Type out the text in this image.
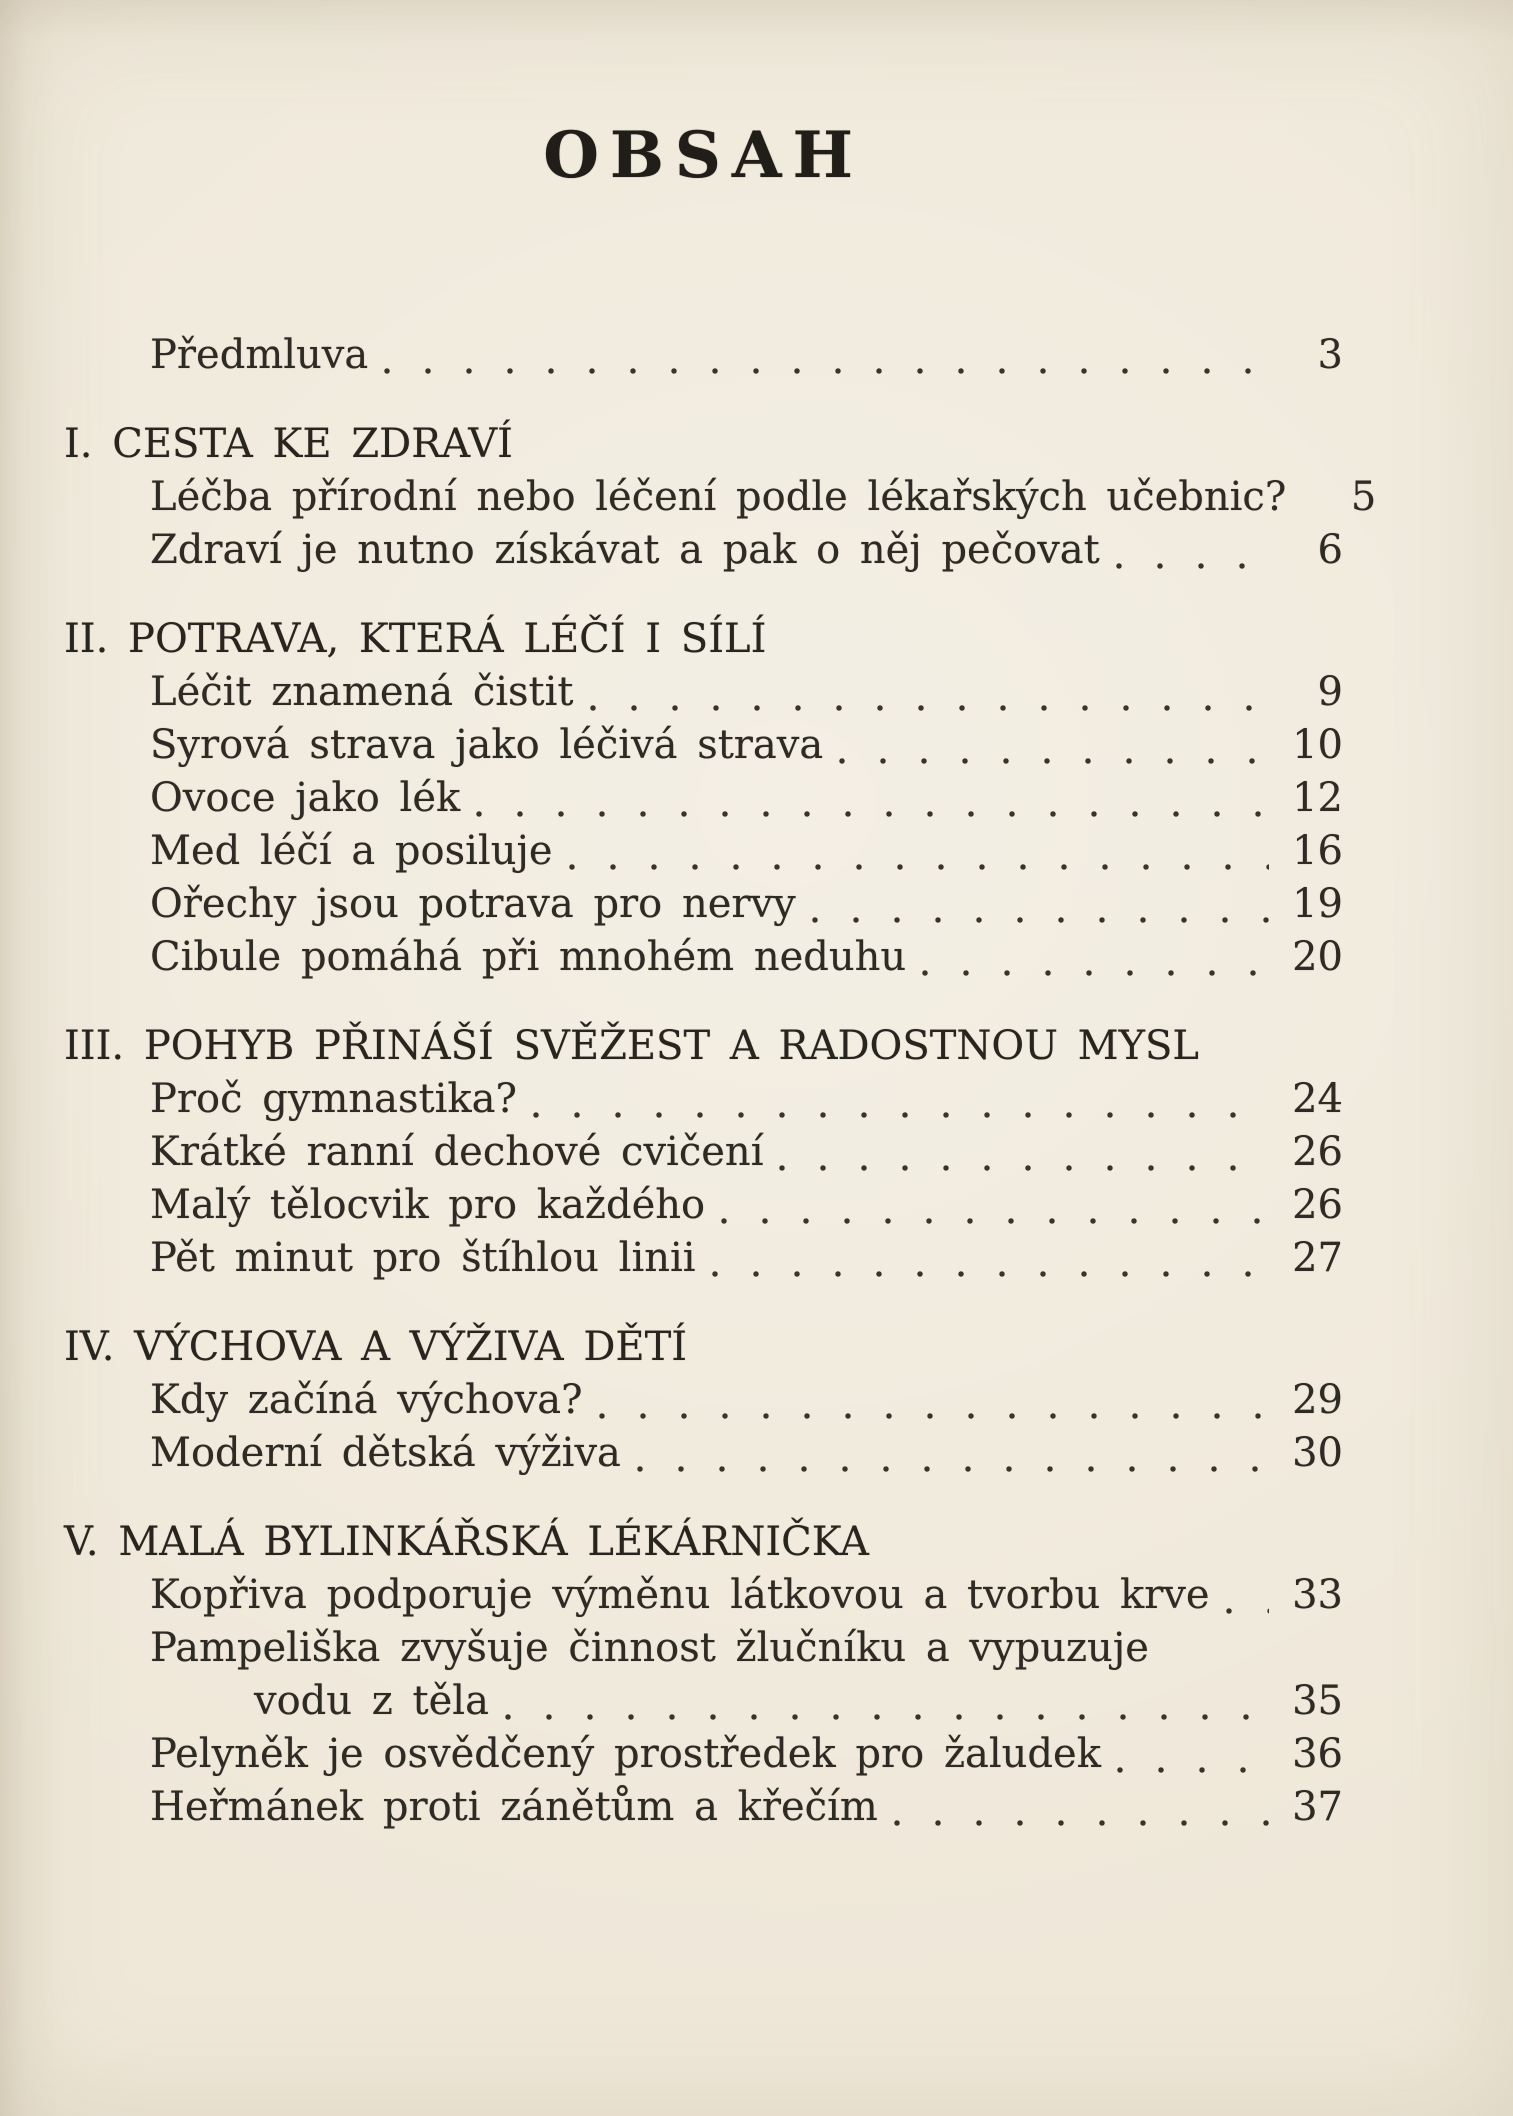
OBSAH
Předmluva	3
I. CESTA KE ZDRAVÍ
Léčba přírodní nebo léčení podle lékařských učebnic?	5
Zdraví je nutno získávat a pak o něj pečovat	6
II. POTRAVA, KTERÁ LÉČÍ I SÍLÍ
Léčit znamená čistit	9
Syrová strava jako léčivá strava	10
Ovoce jako lék	12
Med léčí a posiluje	16
Ořechy jsou potrava pro nervy	19
Cibule pomáhá při mnohém neduhu	20
III. POHYB PŘINÁŠÍ SVĚŽEST A RADOSTNOU MYSL
Proč gymnastika?	24
Krátké ranní dechové cvičení	26
Malý tělocvik pro každého	26
Pět minut pro štíhlou linii	27
IV. VÝCHOVA A VÝŽIVA DĚTÍ
Kdy začíná výchova?	29
Moderní dětská výživa	30
V. MALÁ BYLINKÁŘSKÁ LÉKÁRNIČKA
Kopřiva podporuje výměnu látkovou a tvorbu krve	33
Pampeliška zvyšuje činnost žlučníku a vypuzuje
vodu z těla	35
Pelyněk je osvědčený prostředek pro žaludek	36
Heřmánek proti zánětům a křečím	37
